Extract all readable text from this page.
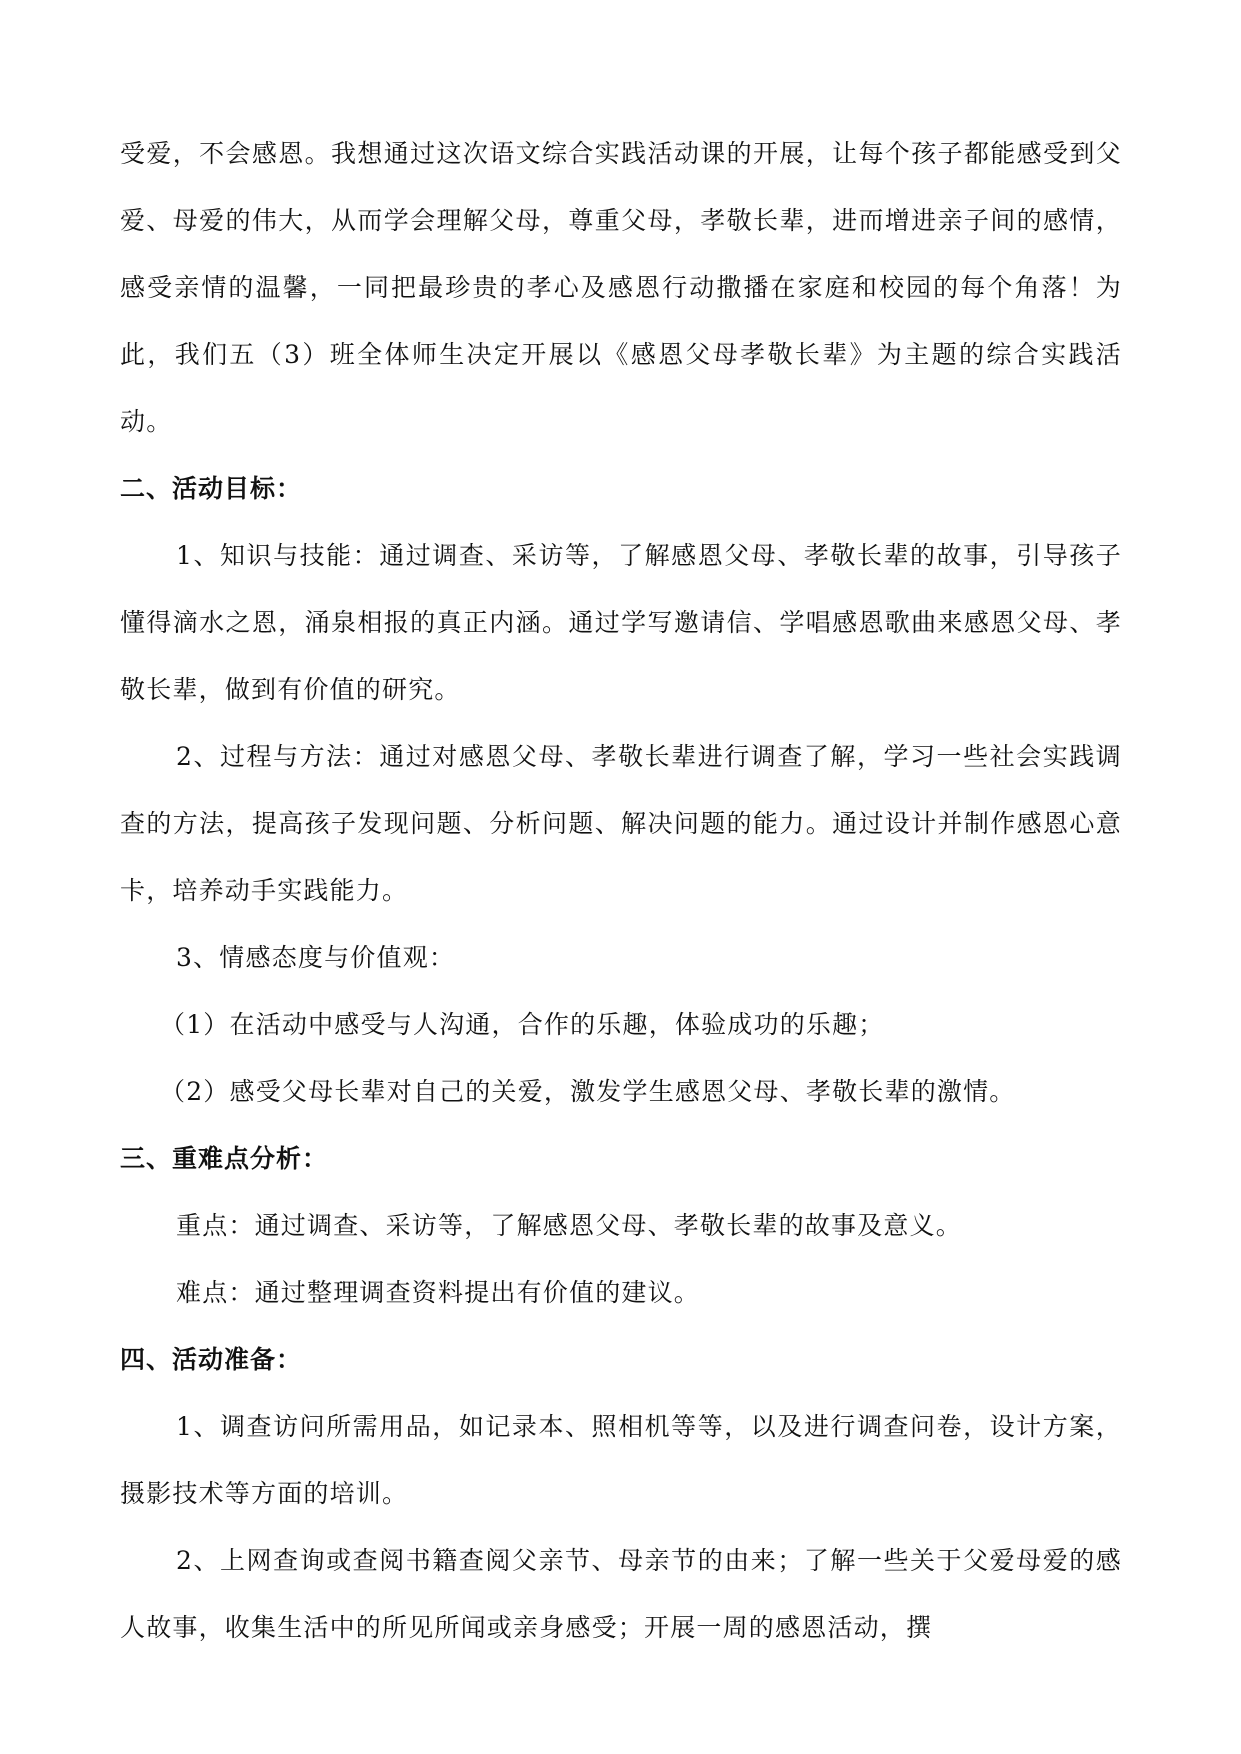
受爱，不会感恩。我想通过这次语文综合实践活动课的开展，让每个孩子都能感受到父爱、母爱的伟大，从而学会理解父母，尊重父母，孝敬长辈，进而增进亲子间的感情，感受亲情的温馨，一同把最珍贵的孝心及感恩行动撒播在家庭和校园的每个角落！为此，我们五（3）班全体师生决定开展以《感恩父母孝敬长辈》为主题的综合实践活动。

二、活动目标：

1、知识与技能：通过调查、采访等，了解感恩父母、孝敬长辈的故事，引导孩子懂得滴水之恩，涌泉相报的真正内涵。通过学写邀请信、学唱感恩歌曲来感恩父母、孝敬长辈，做到有价值的研究。

2、过程与方法：通过对感恩父母、孝敬长辈进行调查了解，学习一些社会实践调查的方法，提高孩子发现问题、分析问题、解决问题的能力。通过设计并制作感恩心意卡，培养动手实践能力。

3、情感态度与价值观：

（1）在活动中感受与人沟通，合作的乐趣，体验成功的乐趣；

（2）感受父母长辈对自己的关爱，激发学生感恩父母、孝敬长辈的激情。

三、重难点分析：

重点：通过调查、采访等，了解感恩父母、孝敬长辈的故事及意义。

难点：通过整理调查资料提出有价值的建议。

四、活动准备：

1、调查访问所需用品，如记录本、照相机等等，以及进行调查问卷，设计方案，摄影技术等方面的培训。

2、上网查询或查阅书籍查阅父亲节、母亲节的由来；了解一些关于父爱母爱的感人故事，收集生活中的所见所闻或亲身感受；开展一周的感恩活动，撰
